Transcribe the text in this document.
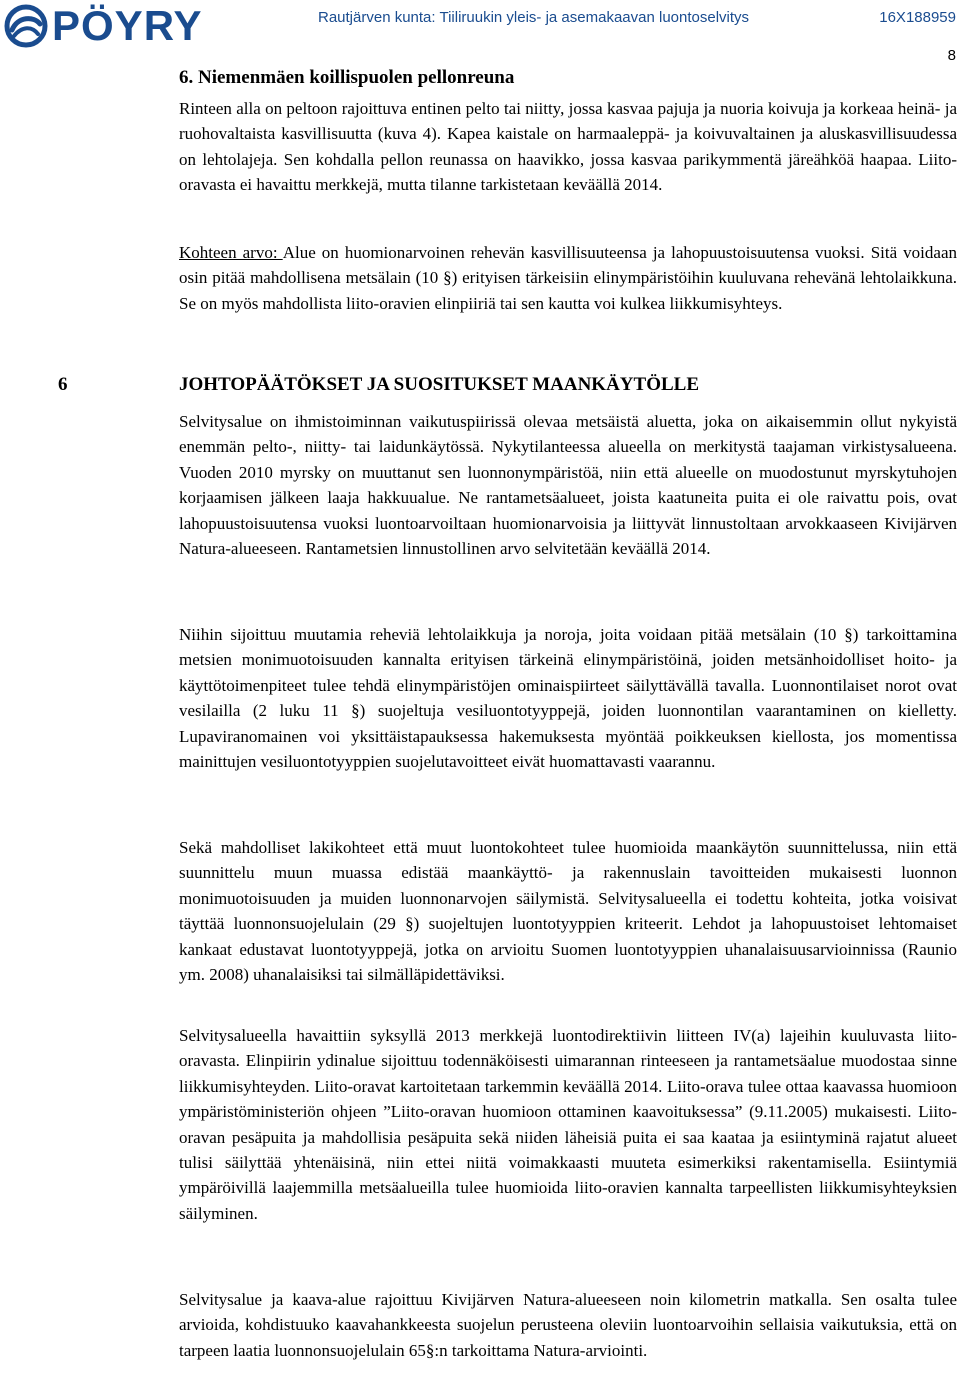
PÖYRY	Rautjärven kunta: Tiiliruukin yleis- ja asemakaavan luontoselvitys	16X188959
8
6. Niemenmäen koillispuolen pellonreuna

Rinteen alla on peltoon rajoittuva entinen pelto tai niitty, jossa kasvaa pajuja ja nuoria koivuja ja korkeaa heinä- ja ruohovaltaista kasvillisuutta (kuva 4). Kapea kaistale on harmaaleppä- ja koivuvaltainen ja aluskasvillisuudessa on lehtolajeja. Sen kohdalla pellon reunassa on haavikko, jossa kasvaa parikymmentä järeähköä haapaa. Liito-oravasta ei havaittu merkkejä, mutta tilanne tarkistetaan keväällä 2014.

Kohteen arvo: Alue on huomionarvoinen rehevän kasvillisuuteensa ja lahopuustoisuutensa vuoksi. Sitä voidaan osin pitää mahdollisena metsälain (10 §) erityisen tärkeisiin elinympäristöihin kuuluvana rehevänä lehtolaikkuna. Se on myös mahdollista liito-oravien elinpiiriä tai sen kautta voi kulkea liikkumisyhteys.

6	JOHTOPÄÄTÖKSET JA SUOSITUKSET MAANKÄYTÖLLE

Selvitysalue on ihmistoiminnan vaikutuspiirissä olevaa metsäistä aluetta, joka on aikaisemmin ollut nykyistä enemmän pelto-, niitty- tai laidunkäytössä. Nykytilanteessa alueella on merkitystä taajaman virkistysalueena. Vuoden 2010 myrsky on muuttanut sen luonnonympäristöä, niin että alueelle on muodostunut myrskytuhojen korjaamisen jälkeen laaja hakkuualue. Ne rantametsäalueet, joista kaatuneita puita ei ole raivattu pois, ovat lahopuustoisuutensa vuoksi luontoarvoiltaan huomionarvoisia ja liittyvät linnustoltaan arvokkaaseen Kivijärven Natura-alueeseen. Rantametsien linnustollinen arvo selvitetään keväällä 2014.

Niihin sijoittuu muutamia reheviä lehtolaikkuja ja noroja, joita voidaan pitää metsälain (10 §) tarkoittamina metsien monimuotoisuuden kannalta erityisen tärkeinä elinympäristöinä, joiden metsänhoidolliset hoito- ja käyttötoimenpiteet tulee tehdä elinympäristöjen ominaispiirteet säilyttävällä tavalla. Luonnontilaiset norot ovat vesilailla (2 luku 11 §) suojeltuja vesiluontotyyppejä, joiden luonnontilan vaarantaminen on kielletty. Lupaviranomainen voi yksittäistapauksessa hakemuksesta myöntää poikkeuksen kiellosta, jos momentissa mainittujen vesiluontotyyppien suojelutavoitteet eivät huomattavasti vaarannu.

Sekä mahdolliset lakikohteet että muut luontokohteet tulee huomioida maankäytön suunnittelussa, niin että suunnittelu muun muassa edistää maankäyttö- ja rakennuslain tavoitteiden mukaisesti luonnon monimuotoisuuden ja muiden luonnonarvojen säilymistä. Selvitysalueella ei todettu kohteita, jotka voisivat täyttää luonnonsuojelulain (29 §) suojeltujen luontotyyppien kriteerit. Lehdot ja lahopuustoiset lehtomaiset kankaat edustavat luontotyyppejä, jotka on arvioitu Suomen luontotyyppien uhanalaisuusarvioinnissa (Raunio ym. 2008) uhanalaisiksi tai silmälläpidettäviksi.

Selvitysalueella havaittiin syksyllä 2013 merkkejä luontodirektiivin liitteen IV(a) lajeihin kuuluvasta liito-oravasta. Elinpiirin ydinalue sijoittuu todennäköisesti uimarannan rinteeseen ja rantametsäalue muodostaa sinne liikkumisyhteyden. Liito-oravat kartoitetaan tarkemmin keväällä 2014. Liito-orava tulee ottaa kaavassa huomioon ympäristöministeriön ohjeen ”Liito-oravan huomioon ottaminen kaavoituksessa” (9.11.2005) mukaisesti. Liito-oravan pesäpuita ja mahdollisia pesäpuita sekä niiden läheisiä puita ei saa kaataa ja esiintyminä rajatut alueet tulisi säilyttää yhtenäisinä, niin ettei niitä voimakkaasti muuteta esimerkiksi rakentamisella. Esiintymiä ympäröivillä laajemmilla metsäalueilla tulee huomioida liito-oravien kannalta tarpeellisten liikkumisyhteyksien säilyminen.

Selvitysalue ja kaava-alue rajoittuu Kivijärven Natura-alueeseen noin kilometrin matkalla. Sen osalta tulee arvioida, kohdistuuko kaavahankkeesta suojelun perusteena oleviin luontoarvoihin sellaisia vaikutuksia, että on tarpeen laatia luonnonsuojelulain 65§:n tarkoittama Natura-arviointi.
